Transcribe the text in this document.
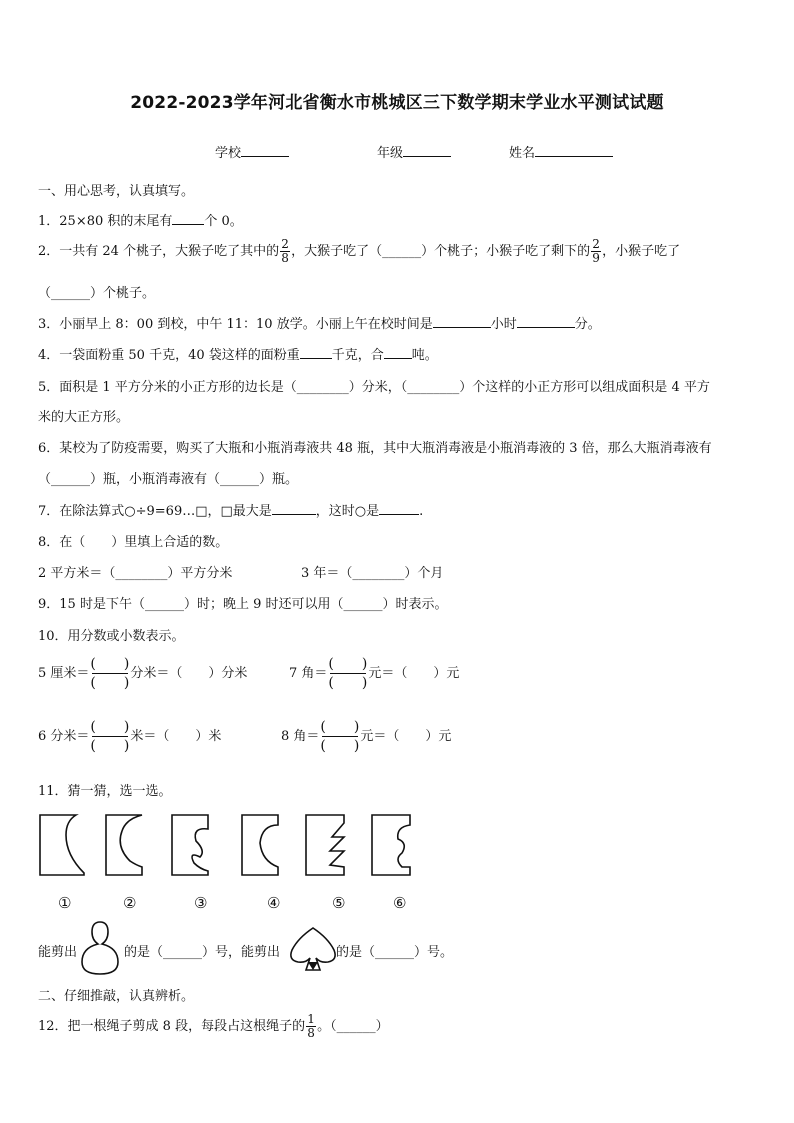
2022-2023学年河北省衡水市桃城区三下数学期末学业水平测试试题
学校	年级	姓名
一、用心思考，认真填写。
1．25×80 积的末尾有 个 0。
2．一共有 24 个桃子，大猴子吃了其中的 $\frac{2}{8}$ ，大猴子吃了（______）个桃子；小猴子吃了剩下的 $\frac{2}{9}$ ，小猴子吃了
（______）个桃子。
3．小丽早上 8：00 到校，中午 11：10 放学。小丽上午在校时间是	小时	分。
4．一袋面粉重 50 千克，40 袋这样的面粉重 千克，合 吨。
5．面积是 1 平方分米的小正方形的边长是（________）分米，（________）个这样的小正方形可以组成面积是 4 平方
米的大正方形。
6．某校为了防疫需要，购买了大瓶和小瓶消毒液共 48 瓶，其中大瓶消毒液是小瓶消毒液的 3 倍，那么大瓶消毒液有
（______）瓶，小瓶消毒液有（______）瓶。
7．在除法算式○÷9=69…□，□最大是	，这时○是	.
8．在（　　）里填上合适的数。
2 平方米＝（________）平方分米	3 年＝（________）个月
9．15 时是下午（______）时；晚上 9 时还可以用（______）时表示。
10．用分数或小数表示。
5 厘米＝
(　　)
(　　)
分米＝（　　）分米	7 角＝
(　　)
(　　)
元＝（　　）元
6 分米＝
(　　)
(　　)
米＝（　　）米	8 角＝
(　　)
(　　)
元＝（　　）元
11．猜一猜，选一选。
①	②	③	④	⑤	⑥
能剪出	的是（______）号，能剪出	的是（______）号。
二、仔细推敲，认真辨析。
12．把一根绳子剪成 8 段，每段占这根绳子的 $\frac{1}{8}$ 。（______）
